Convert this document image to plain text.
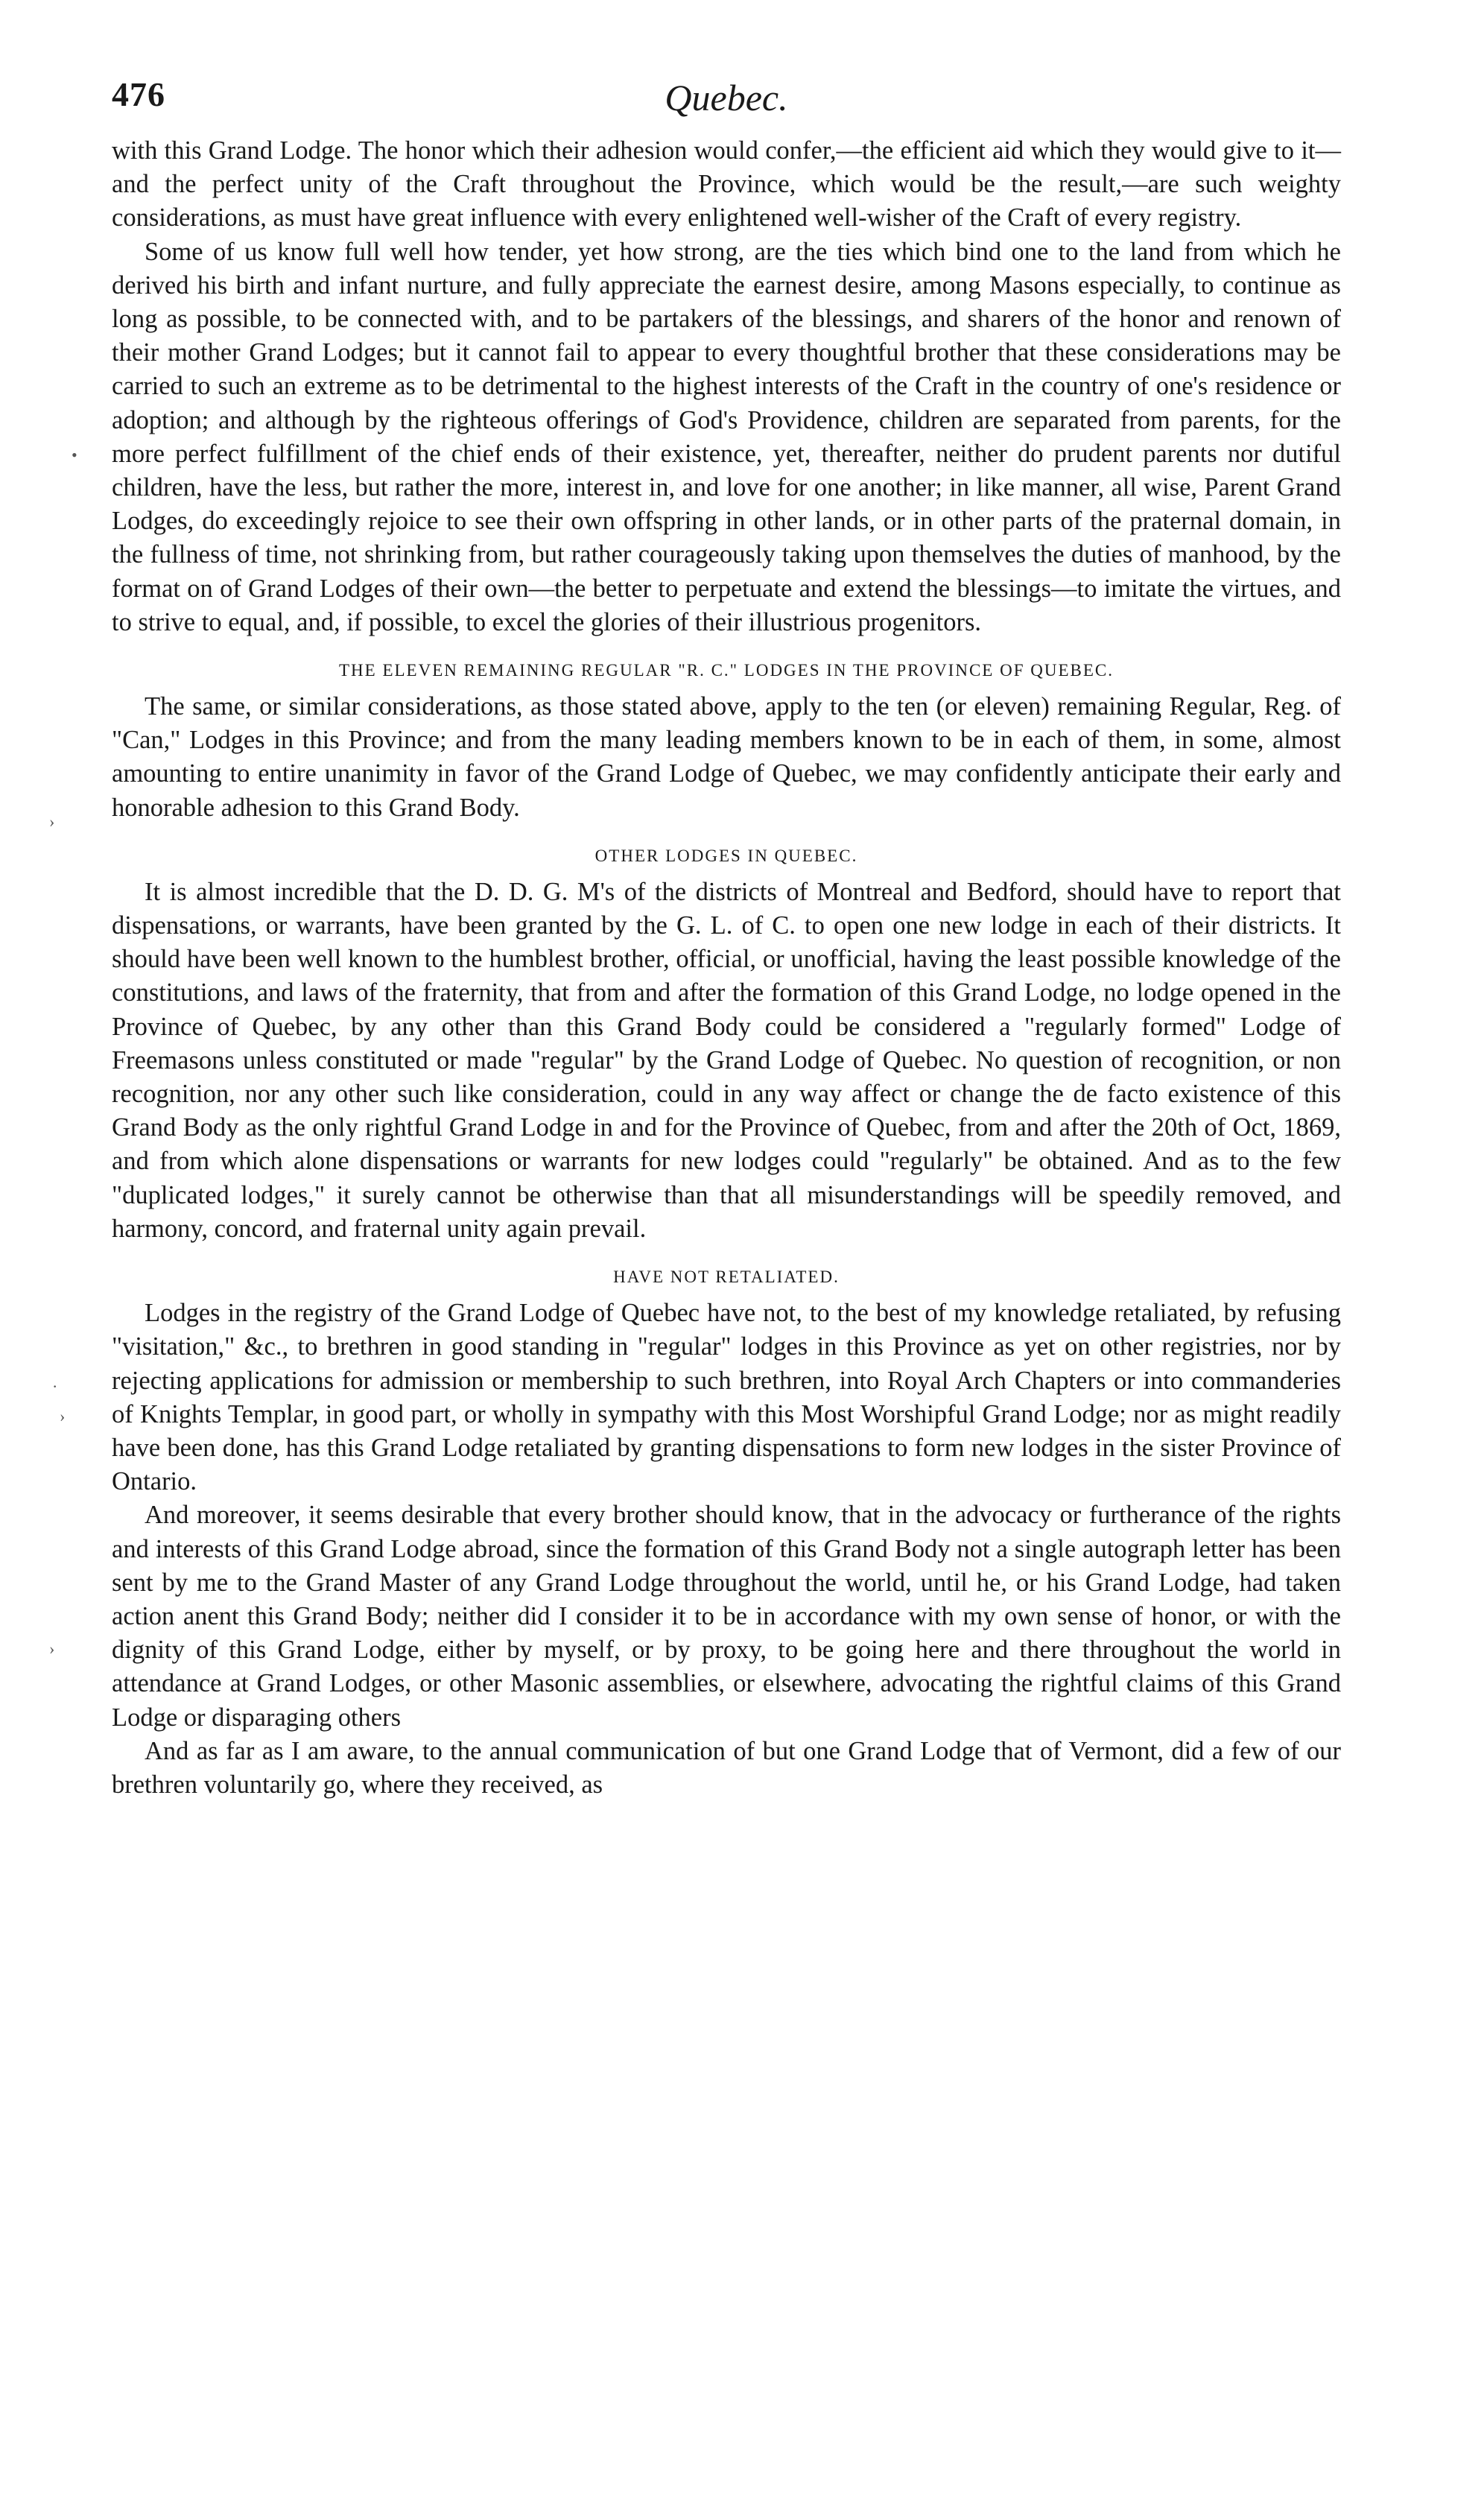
•
›
·
›
›
476	Quebec.

with this Grand Lodge. The honor which their adhesion would confer,—the efficient aid which they would give to it—and the perfect unity of the Craft throughout the Province, which would be the result,—are such weighty considerations, as must have great influence with every enlightened well-wisher of the Craft of every registry.

Some of us know full well how tender, yet how strong, are the ties which bind one to the land from which he derived his birth and infant nurture, and fully appreciate the earnest desire, among Masons especially, to continue as long as possible, to be connected with, and to be partakers of the blessings, and sharers of the honor and renown of their mother Grand Lodges; but it cannot fail to appear to every thoughtful brother that these considerations may be carried to such an extreme as to be detrimental to the highest interests of the Craft in the country of one's residence or adoption; and although by the righteous offerings of God's Providence, children are separated from parents, for the more perfect fulfillment of the chief ends of their existence, yet, thereafter, neither do prudent parents nor dutiful children, have the less, but rather the more, interest in, and love for one another; in like manner, all wise, Parent Grand Lodges, do exceedingly rejoice to see their own offspring in other lands, or in other parts of the praternal domain, in the fullness of time, not shrinking from, but rather courageously taking upon themselves the duties of manhood, by the format on of Grand Lodges of their own—the better to perpetuate and extend the blessings—to imitate the virtues, and to strive to equal, and, if possible, to excel the glories of their illustrious progenitors.

THE ELEVEN REMAINING REGULAR "R. C." LODGES IN THE PROVINCE OF QUEBEC.

The same, or similar considerations, as those stated above, apply to the ten (or eleven) remaining Regular, Reg. of "Can," Lodges in this Province; and from the many leading members known to be in each of them, in some, almost amounting to entire unanimity in favor of the Grand Lodge of Quebec, we may confidently anticipate their early and honorable adhesion to this Grand Body.

OTHER LODGES IN QUEBEC.

It is almost incredible that the D. D. G. M's of the districts of Montreal and Bedford, should have to report that dispensations, or warrants, have been granted by the G. L. of C. to open one new lodge in each of their districts. It should have been well known to the humblest brother, official, or unofficial, having the least possible knowledge of the constitutions, and laws of the fraternity, that from and after the formation of this Grand Lodge, no lodge opened in the Province of Quebec, by any other than this Grand Body could be considered a "regularly formed" Lodge of Freemasons unless constituted or made "regular" by the Grand Lodge of Quebec. No question of recognition, or non recognition, nor any other such like consideration, could in any way affect or change the de facto existence of this Grand Body as the only rightful Grand Lodge in and for the Province of Quebec, from and after the 20th of Oct, 1869, and from which alone dispensations or warrants for new lodges could "regularly" be obtained. And as to the few "duplicated lodges," it surely cannot be otherwise than that all misunderstandings will be speedily removed, and harmony, concord, and fraternal unity again prevail.

HAVE NOT RETALIATED.

Lodges in the registry of the Grand Lodge of Quebec have not, to the best of my knowledge retaliated, by refusing "visitation," &c., to brethren in good standing in "regular" lodges in this Province as yet on other registries, nor by rejecting applications for admission or membership to such brethren, into Royal Arch Chapters or into commanderies of Knights Templar, in good part, or wholly in sympathy with this Most Worshipful Grand Lodge; nor as might readily have been done, has this Grand Lodge retaliated by granting dispensations to form new lodges in the sister Province of Ontario.

And moreover, it seems desirable that every brother should know, that in the advocacy or furtherance of the rights and interests of this Grand Lodge abroad, since the formation of this Grand Body not a single autograph letter has been sent by me to the Grand Master of any Grand Lodge throughout the world, until he, or his Grand Lodge, had taken action anent this Grand Body; neither did I consider it to be in accordance with my own sense of honor, or with the dignity of this Grand Lodge, either by myself, or by proxy, to be going here and there throughout the world in attendance at Grand Lodges, or other Masonic assemblies, or elsewhere, advocating the rightful claims of this Grand Lodge or disparaging others

And as far as I am aware, to the annual communication of but one Grand Lodge that of Vermont, did a few of our brethren voluntarily go, where they received, as
